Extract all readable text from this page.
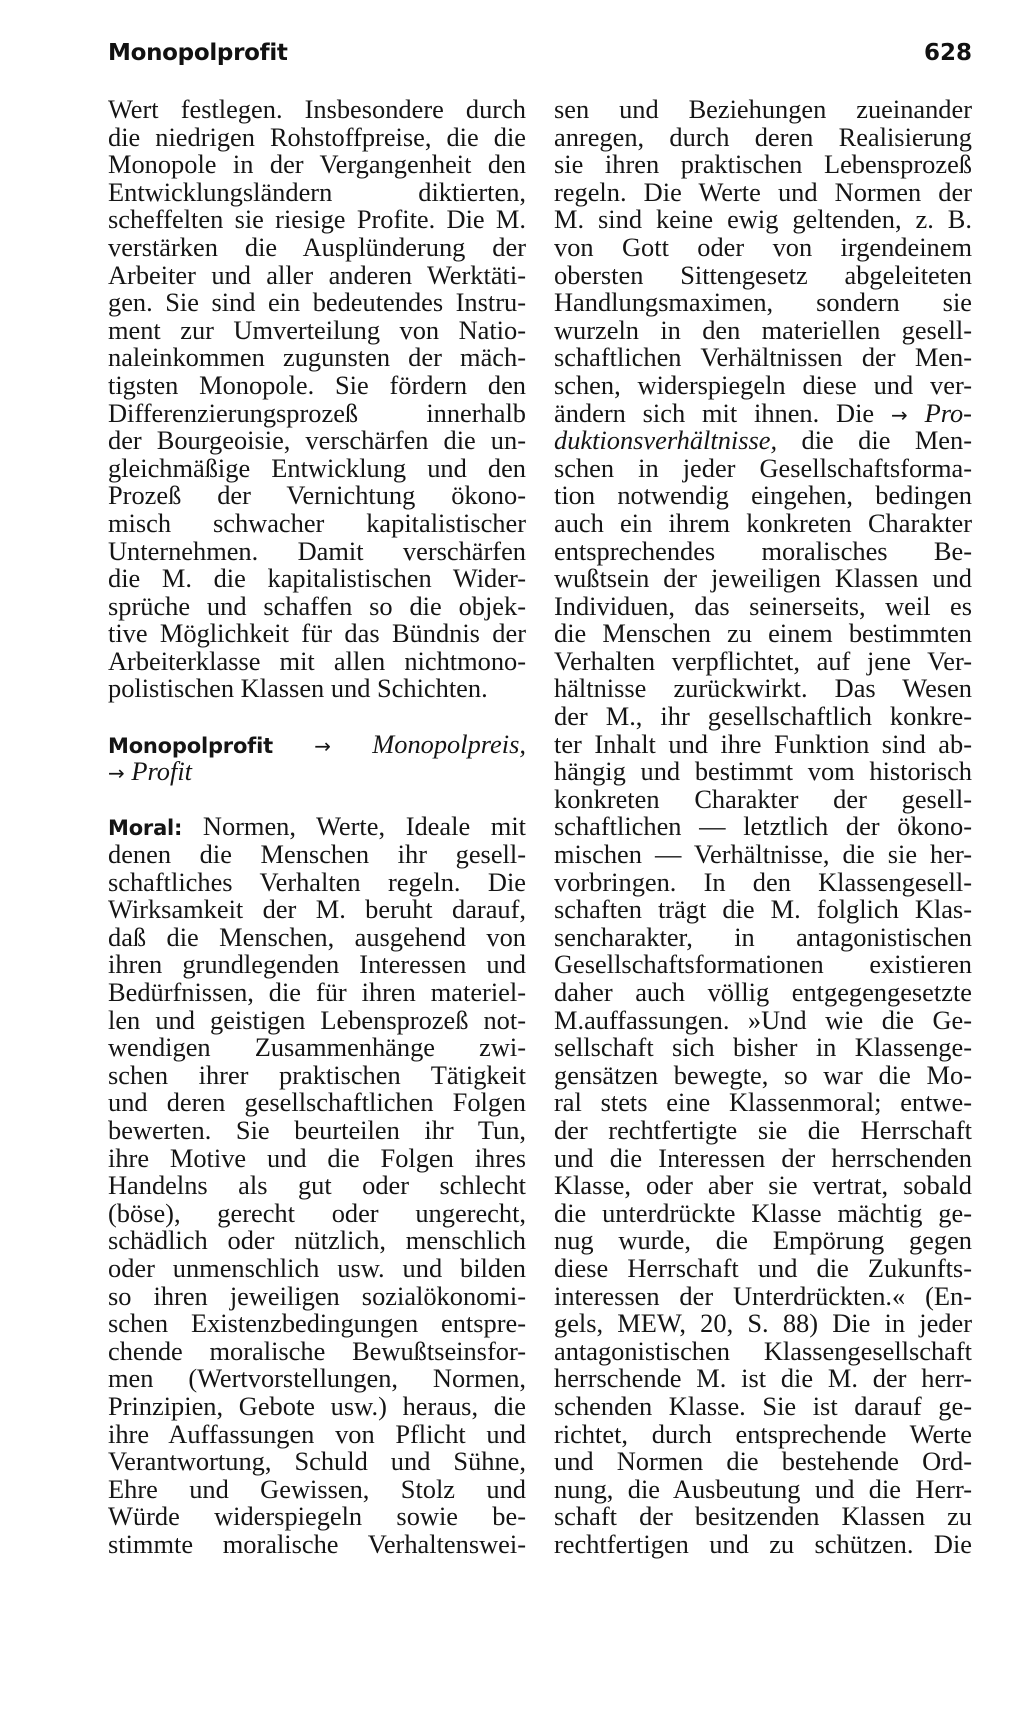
Monopolprofit	628
Wert festlegen. Insbesondere durch
die niedrigen Rohstoffpreise, die die
Monopole in der Vergangenheit den
Entwicklungsländern diktierten,
scheffelten sie riesige Profite. Die M.
verstärken die Ausplünderung der
Arbeiter und aller anderen Werktäti-
gen. Sie sind ein bedeutendes Instru-
ment zur Umverteilung von Natio-
naleinkommen zugunsten der mäch-
tigsten Monopole. Sie fördern den
Differenzierungsprozeß innerhalb
der Bourgeoisie, verschärfen die un-
gleichmäßige Entwicklung und den
Prozeß der Vernichtung ökono-
misch schwacher kapitalistischer
Unternehmen. Damit verschärfen
die M. die kapitalistischen Wider-
sprüche und schaffen so die objek-
tive Möglichkeit für das Bündnis der
Arbeiterklasse mit allen nichtmono-
polistischen Klassen und Schichten.
Monopolprofit → Monopolpreis,
→ Profit
Moral: Normen, Werte, Ideale mit
denen die Menschen ihr gesell-
schaftliches Verhalten regeln. Die
Wirksamkeit der M. beruht darauf,
daß die Menschen, ausgehend von
ihren grundlegenden Interessen und
Bedürfnissen, die für ihren materiel-
len und geistigen Lebensprozeß not-
wendigen Zusammenhänge zwi-
schen ihrer praktischen Tätigkeit
und deren gesellschaftlichen Folgen
bewerten. Sie beurteilen ihr Tun,
ihre Motive und die Folgen ihres
Handelns als gut oder schlecht
(böse), gerecht oder ungerecht,
schädlich oder nützlich, menschlich
oder unmenschlich usw. und bilden
so ihren jeweiligen sozialökonomi-
schen Existenzbedingungen entspre-
chende moralische Bewußtseinsfor-
men (Wertvorstellungen, Normen,
Prinzipien, Gebote usw.) heraus, die
ihre Auffassungen von Pflicht und
Verantwortung, Schuld und Sühne,
Ehre und Gewissen, Stolz und
Würde widerspiegeln sowie be-
stimmte moralische Verhaltenswei-
sen und Beziehungen zueinander
anregen, durch deren Realisierung
sie ihren praktischen Lebensprozeß
regeln. Die Werte und Normen der
M. sind keine ewig geltenden, z. B.
von Gott oder von irgendeinem
obersten Sittengesetz abgeleiteten
Handlungsmaximen, sondern sie
wurzeln in den materiellen gesell-
schaftlichen Verhältnissen der Men-
schen, widerspiegeln diese und ver-
ändern sich mit ihnen. Die → Pro-
duktionsverhältnisse, die die Men-
schen in jeder Gesellschaftsforma-
tion notwendig eingehen, bedingen
auch ein ihrem konkreten Charakter
entsprechendes moralisches Be-
wußtsein der jeweiligen Klassen und
Individuen, das seinerseits, weil es
die Menschen zu einem bestimmten
Verhalten verpflichtet, auf jene Ver-
hältnisse zurückwirkt. Das Wesen
der M., ihr gesellschaftlich konkre-
ter Inhalt und ihre Funktion sind ab-
hängig und bestimmt vom historisch
konkreten Charakter der gesell-
schaftlichen — letztlich der ökono-
mischen — Verhältnisse, die sie her-
vorbringen. In den Klassengesell-
schaften trägt die M. folglich Klas-
sencharakter, in antagonistischen
Gesellschaftsformationen existieren
daher auch völlig entgegengesetzte
M.auffassungen. »Und wie die Ge-
sellschaft sich bisher in Klassenge-
gensätzen bewegte, so war die Mo-
ral stets eine Klassenmoral; entwe-
der rechtfertigte sie die Herrschaft
und die Interessen der herrschenden
Klasse, oder aber sie vertrat, sobald
die unterdrückte Klasse mächtig ge-
nug wurde, die Empörung gegen
diese Herrschaft und die Zukunfts-
interessen der Unterdrückten.« (En-
gels, MEW, 20, S. 88) Die in jeder
antagonistischen Klassengesellschaft
herrschende M. ist die M. der herr-
schenden Klasse. Sie ist darauf ge-
richtet, durch entsprechende Werte
und Normen die bestehende Ord-
nung, die Ausbeutung und die Herr-
schaft der besitzenden Klassen zu
rechtfertigen und zu schützen. Die
